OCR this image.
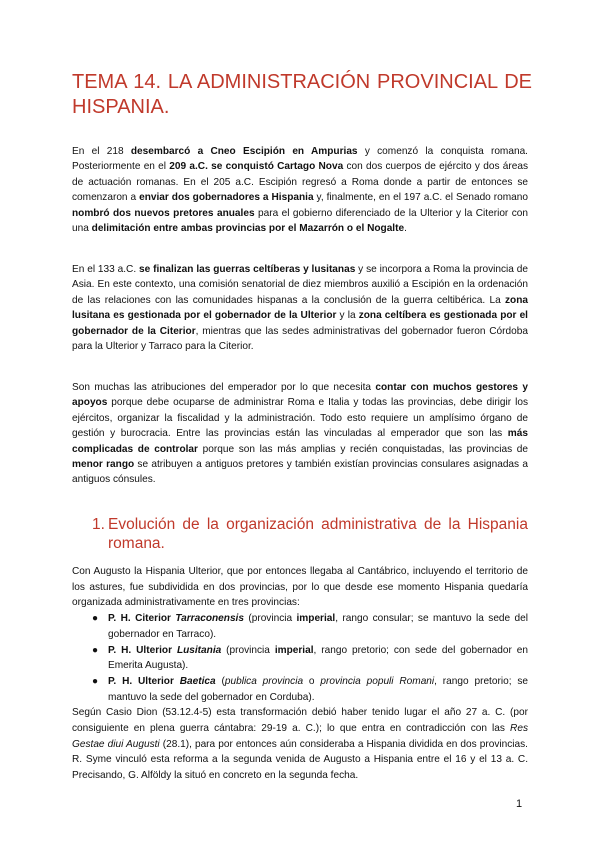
TEMA 14. LA ADMINISTRACIÓN PROVINCIAL DE HISPANIA.

En el 218 desembarcó a Cneo Escipión en Ampurias y comenzó la conquista romana. Posteriormente en el 209 a.C. se conquistó Cartago Nova con dos cuerpos de ejército y dos áreas de actuación romanas. En el 205 a.C. Escipión regresó a Roma donde a partir de entonces se comenzaron a enviar dos gobernadores a Hispania y, finalmente, en el 197 a.C. el Senado romano nombró dos nuevos pretores anuales para el gobierno diferenciado de la Ulterior y la Citerior con una delimitación entre ambas provincias por el Mazarrón o el Nogalte.

En el 133 a.C. se finalizan las guerras celtíberas y lusitanas y se incorpora a Roma la provincia de Asia. En este contexto, una comisión senatorial de diez miembros auxilió a Escipión en la ordenación de las relaciones con las comunidades hispanas a la conclusión de la guerra celtibérica. La zona lusitana es gestionada por el gobernador de la Ulterior y la zona celtíbera es gestionada por el gobernador de la Citerior, mientras que las sedes administrativas del gobernador fueron Córdoba para la Ulterior y Tarraco para la Citerior.

Son muchas las atribuciones del emperador por lo que necesita contar con muchos gestores y apoyos porque debe ocuparse de administrar Roma e Italia y todas las provincias, debe dirigir los ejércitos, organizar la fiscalidad y la administración. Todo esto requiere un amplísimo órgano de gestión y burocracia. Entre las provincias están las vinculadas al emperador que son las más complicadas de controlar porque son las más amplias y recién conquistadas, las provincias de menor rango se atribuyen a antiguos pretores y también existían provincias consulares asignadas a antiguos cónsules.

1. Evolución de la organización administrativa de la Hispania romana.
Con Augusto la Hispania Ulterior, que por entonces llegaba al Cantábrico, incluyendo el territorio de los astures, fue subdividida en dos provincias, por lo que desde ese momento Hispania quedaría organizada administrativamente en tres provincias:
● P. H. Citerior Tarraconensis (provincia imperial, rango consular; se mantuvo la sede del gobernador en Tarraco).
● P. H. Ulterior Lusitania (provincia imperial, rango pretorio; con sede del gobernador en Emerita Augusta).
● P. H. Ulterior Baetica (publica provincia o provincia populi Romani, rango pretorio; se mantuvo la sede del gobernador en Corduba).
Según Casio Dion (53.12.4-5) esta transformación debió haber tenido lugar el año 27 a. C. (por consiguiente en plena guerra cántabra: 29-19 a. C.); lo que entra en contradicción con las Res Gestae diui Augusti (28.1), para por entonces aún consideraba a Hispania dividida en dos provincias. R. Syme vinculó esta reforma a la segunda venida de Augusto a Hispania entre el 16 y el 13 a. C. Precisando, G. Alföldy la situó en concreto en la segunda fecha.
1
